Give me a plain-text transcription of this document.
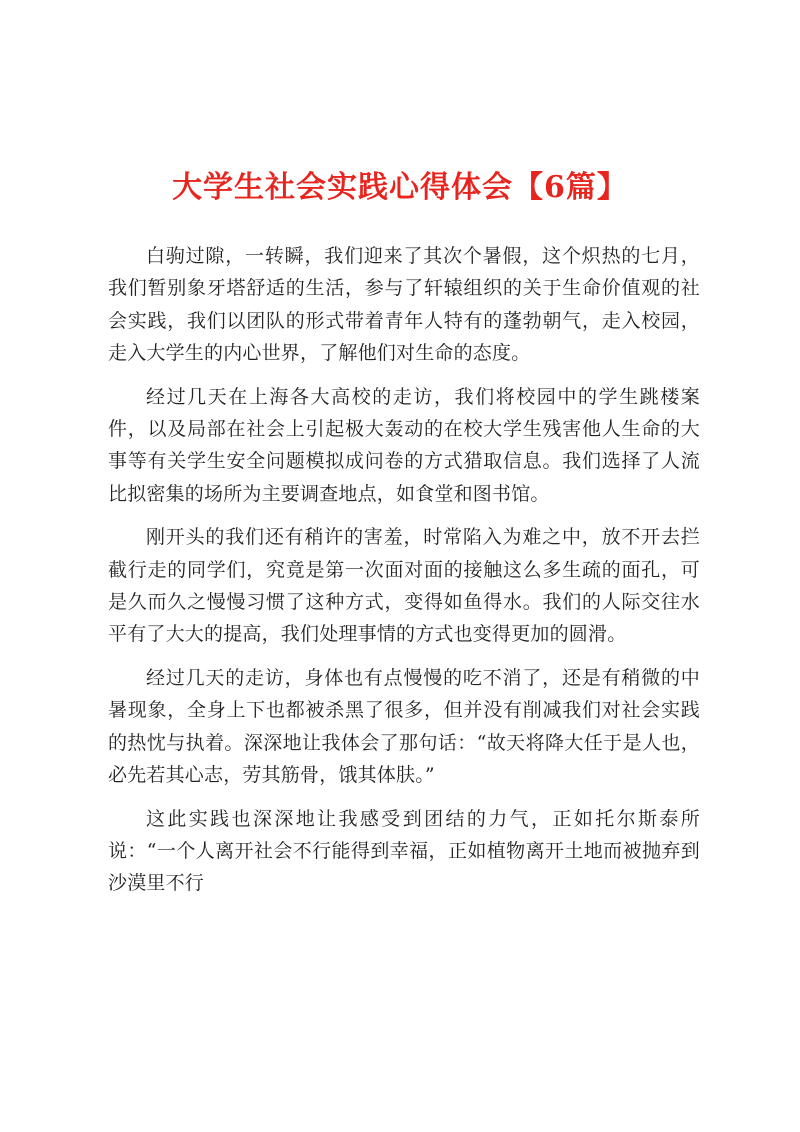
大学生社会实践心得体会【6篇】

白驹过隙，一转瞬，我们迎来了其次个暑假，这个炽热的七月，我们暂别象牙塔舒适的生活，参与了轩辕组织的关于生命价值观的社会实践，我们以团队的形式带着青年人特有的蓬勃朝气，走入校园，走入大学生的内心世界，了解他们对生命的态度。

经过几天在上海各大高校的走访，我们将校园中的学生跳楼案件，以及局部在社会上引起极大轰动的在校大学生残害他人生命的大事等有关学生安全问题模拟成问卷的方式猎取信息。我们选择了人流比拟密集的场所为主要调查地点，如食堂和图书馆。

刚开头的我们还有稍许的害羞，时常陷入为难之中，放不开去拦截行走的同学们，究竟是第一次面对面的接触这么多生疏的面孔，可是久而久之慢慢习惯了这种方式，变得如鱼得水。我们的人际交往水平有了大大的提高，我们处理事情的方式也变得更加的圆滑。

经过几天的走访，身体也有点慢慢的吃不消了，还是有稍微的中暑现象，全身上下也都被杀黑了很多，但并没有削减我们对社会实践的热忱与执着。深深地让我体会了那句话：“故天将降大任于是人也，必先若其心志，劳其筋骨，饿其体肤。”

这此实践也深深地让我感受到团结的力气，正如托尔斯泰所说：“一个人离开社会不行能得到幸福，正如植物离开土地而被抛弃到沙漠里不行
